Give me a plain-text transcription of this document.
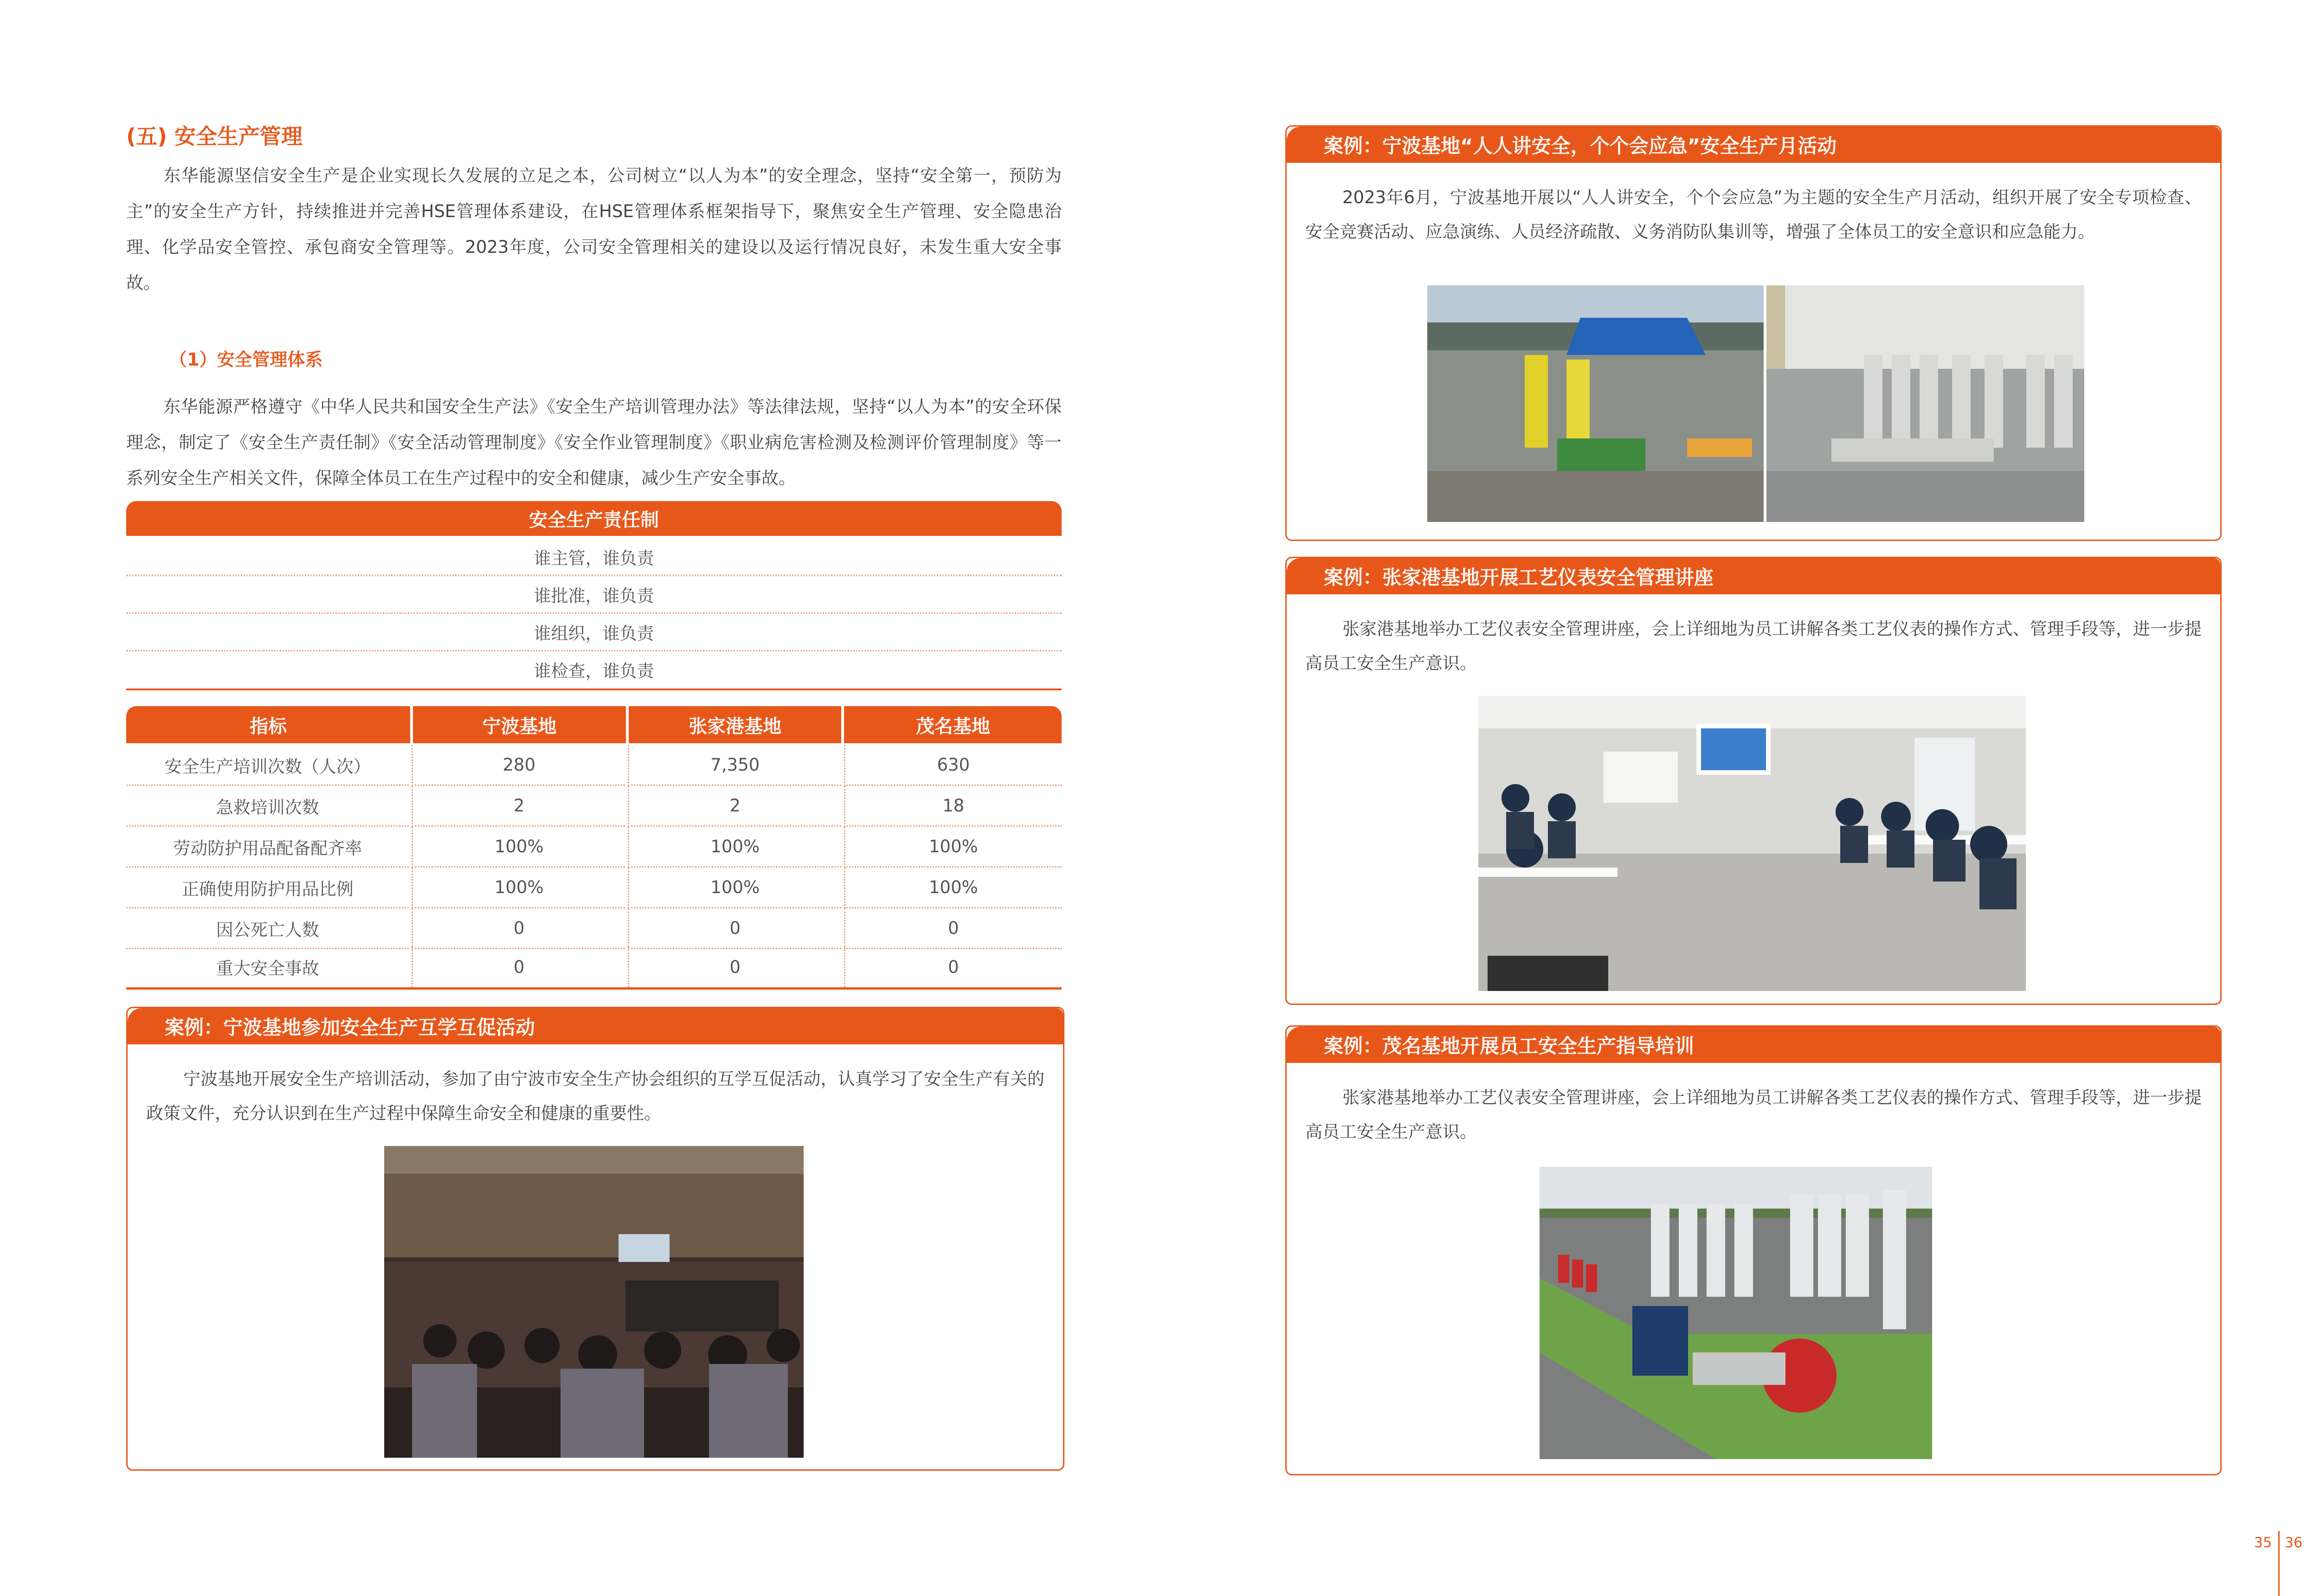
(五) 安全生产管理
东华能源坚信安全生产是企业实现长久发展的立足之本，公司树立“以人为本”的安全理念，坚持“安全第一，预防为主”的安全生产方针，持续推进并完善HSE管理体系建设，在HSE管理体系框架指导下，聚焦安全生产管理、安全隐患治理、化学品安全管控、承包商安全管理等。2023年度，公司安全管理相关的建设以及运行情况良好，未发生重大安全事故。
（1）安全管理体系
东华能源严格遵守《中华人民共和国安全生产法》《安全生产培训管理办法》等法律法规，坚持“以人为本”的安全环保理念，制定了《安全生产责任制》《安全活动管理制度》《安全作业管理制度》《职业病危害检测及检测评价管理制度》等一系列安全生产相关文件，保障全体员工在生产过程中的安全和健康，减少生产安全事故。
安全生产责任制
谁主管，谁负责
谁批准，谁负责
谁组织，谁负责
谁检查，谁负责
指标	宁波基地	张家港基地	茂名基地
安全生产培训次数（人次）	280	7,350	630
急救培训次数	2	2	18
劳动防护用品配备配齐率	100%	100%	100%
正确使用防护用品比例	100%	100%	100%
因公死亡人数	0	0	0
重大安全事故	0	0	0
案例：宁波基地参加安全生产互学互促活动
宁波基地开展安全生产培训活动，参加了由宁波市安全生产协会组织的互学互促活动，认真学习了安全生产有关的政策文件，充分认识到在生产过程中保障生命安全和健康的重要性。
案例：宁波基地“人人讲安全，个个会应急”安全生产月活动
2023年6月，宁波基地开展以“人人讲安全，个个会应急”为主题的安全生产月活动，组织开展了安全专项检查、安全竞赛活动、应急演练、人员经济疏散、义务消防队集训等，增强了全体员工的安全意识和应急能力。
案例：张家港基地开展工艺仪表安全管理讲座
张家港基地举办工艺仪表安全管理讲座，会上详细地为员工讲解各类工艺仪表的操作方式、管理手段等，进一步提高员工安全生产意识。
案例：茂名基地开展员工安全生产指导培训
张家港基地举办工艺仪表安全管理讲座，会上详细地为员工讲解各类工艺仪表的操作方式、管理手段等，进一步提高员工安全生产意识。
35 36
